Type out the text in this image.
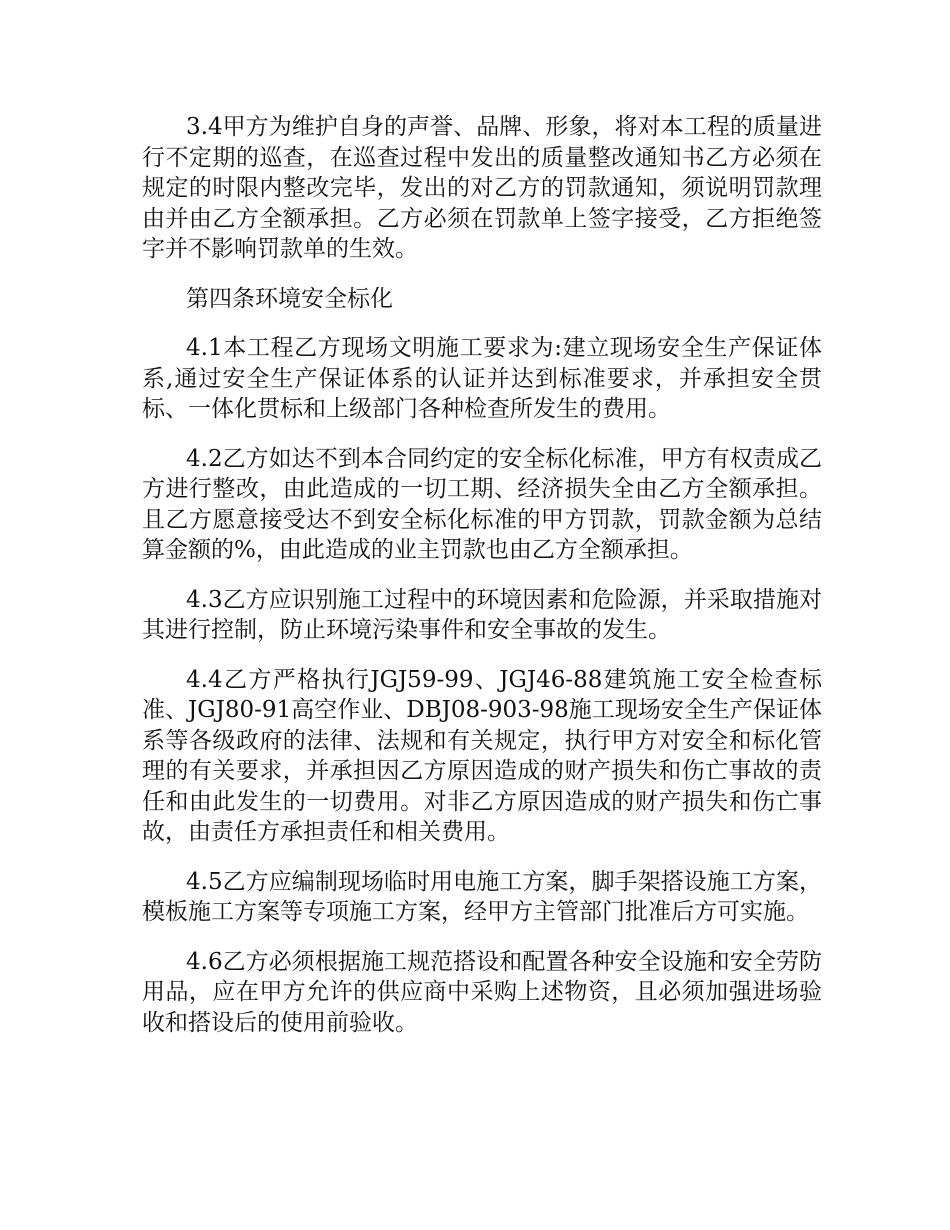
3.4甲方为维护自身的声誉、品牌、形象，将对本工程的质量进行不定期的巡查，在巡查过程中发出的质量整改通知书乙方必须在规定的时限内整改完毕，发出的对乙方的罚款通知，须说明罚款理由并由乙方全额承担。乙方必须在罚款单上签字接受，乙方拒绝签字并不影响罚款单的生效。

第四条环境安全标化

4.1本工程乙方现场文明施工要求为:建立现场安全生产保证体系,通过安全生产保证体系的认证并达到标准要求，并承担安全贯标、一体化贯标和上级部门各种检查所发生的费用。

4.2乙方如达不到本合同约定的安全标化标准，甲方有权责成乙方进行整改，由此造成的一切工期、经济损失全由乙方全额承担。且乙方愿意接受达不到安全标化标准的甲方罚款，罚款金额为总结算金额的%，由此造成的业主罚款也由乙方全额承担。

4.3乙方应识别施工过程中的环境因素和危险源，并采取措施对其进行控制，防止环境污染事件和安全事故的发生。

4.4乙方严格执行JGJ59-99、JGJ46-88建筑施工安全检查标准、JGJ80-91高空作业、DBJ08-903-98施工现场安全生产保证体系等各级政府的法律、法规和有关规定，执行甲方对安全和标化管理的有关要求，并承担因乙方原因造成的财产损失和伤亡事故的责任和由此发生的一切费用。对非乙方原因造成的财产损失和伤亡事故，由责任方承担责任和相关费用。

4.5乙方应编制现场临时用电施工方案，脚手架搭设施工方案，模板施工方案等专项施工方案，经甲方主管部门批准后方可实施。

4.6乙方必须根据施工规范搭设和配置各种安全设施和安全劳防用品，应在甲方允许的供应商中采购上述物资，且必须加强进场验收和搭设后的使用前验收。
